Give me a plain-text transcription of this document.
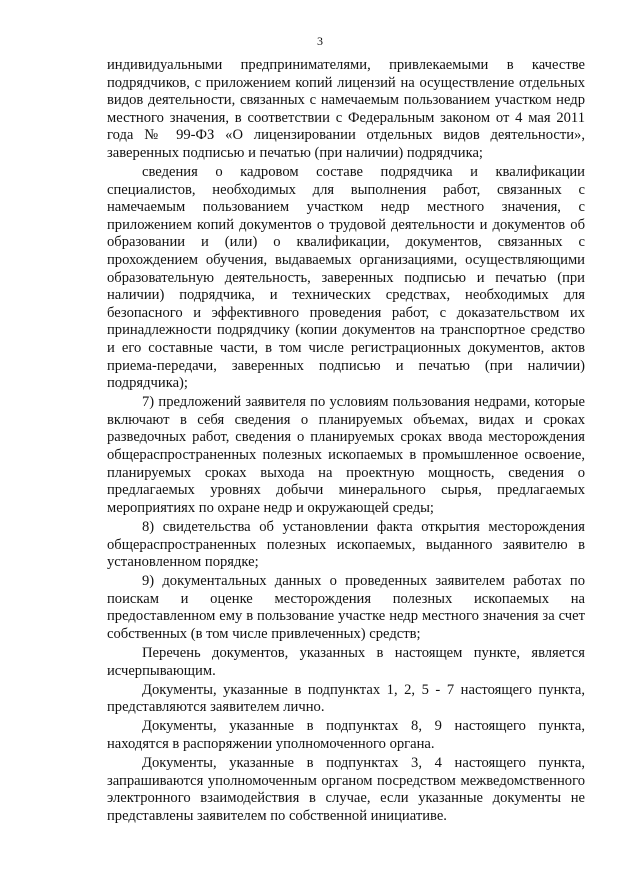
3

индивидуальными предпринимателями, привлекаемыми в качестве подрядчиков, с приложением копий лицензий на осуществление отдельных видов деятельности, связанных с намечаемым пользованием участком недр местного значения, в соответствии с Федеральным законом от 4 мая 2011 года № 99-ФЗ «О лицензировании отдельных видов деятельности», заверенных подписью и печатью (при наличии) подрядчика;

сведения о кадровом составе подрядчика и квалификации специалистов, необходимых для выполнения работ, связанных с намечаемым пользованием участком недр местного значения, с приложением копий документов о трудовой деятельности и документов об образовании и (или) о квалификации, документов, связанных с прохождением обучения, выдаваемых организациями, осуществляющими образовательную деятельность, заверенных подписью и печатью (при наличии) подрядчика, и технических средствах, необходимых для безопасного и эффективного проведения работ, с доказательством их принадлежности подрядчику (копии документов на транспортное средство и его составные части, в том числе регистрационных документов, актов приема-передачи, заверенных подписью и печатью (при наличии) подрядчика);

7) предложений заявителя по условиям пользования недрами, которые включают в себя сведения о планируемых объемах, видах и сроках разведочных работ, сведения о планируемых сроках ввода месторождения общераспространенных полезных ископаемых в промышленное освоение, планируемых сроках выхода на проектную мощность, сведения о предлагаемых уровнях добычи минерального сырья, предлагаемых мероприятиях по охране недр и окружающей среды;

8) свидетельства об установлении факта открытия месторождения общераспространенных полезных ископаемых, выданного заявителю в установленном порядке;

9) документальных данных о проведенных заявителем работах по поискам и оценке месторождения полезных ископаемых на предоставленном ему в пользование участке недр местного значения за счет собственных (в том числе привлеченных) средств;

Перечень документов, указанных в настоящем пункте, является исчерпывающим.

Документы, указанные в подпунктах 1, 2, 5 - 7 настоящего пункта, представляются заявителем лично.

Документы, указанные в подпунктах 8, 9 настоящего пункта, находятся в распоряжении уполномоченного органа.

Документы, указанные в подпунктах 3, 4 настоящего пункта, запрашиваются уполномоченным органом посредством межведомственного электронного взаимодействия в случае, если указанные документы не представлены заявителем по собственной инициативе.
